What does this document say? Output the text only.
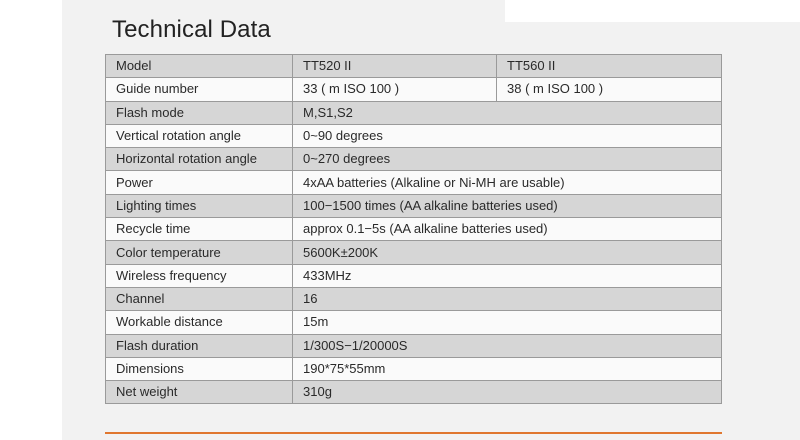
Technical Data
Model	TT520 II	TT560 II
Guide number	33 ( m ISO 100 )	38 ( m ISO 100 )
Flash mode	M,S1,S2	
Vertical rotation angle	0~90 degrees	
Horizontal rotation angle	0~270 degrees	
Power	4xAA batteries (Alkaline or Ni-MH are usable)	
Lighting times	100−1500 times (AA alkaline batteries used)	
Recycle time	approx 0.1−5s (AA alkaline batteries used)	
Color temperature	5600K±200K	
Wireless frequency	433MHz	
Channel	16	
Workable distance	15m	
Flash duration	1/300S−1/20000S	
Dimensions	190*75*55mm	
Net weight	310g	
